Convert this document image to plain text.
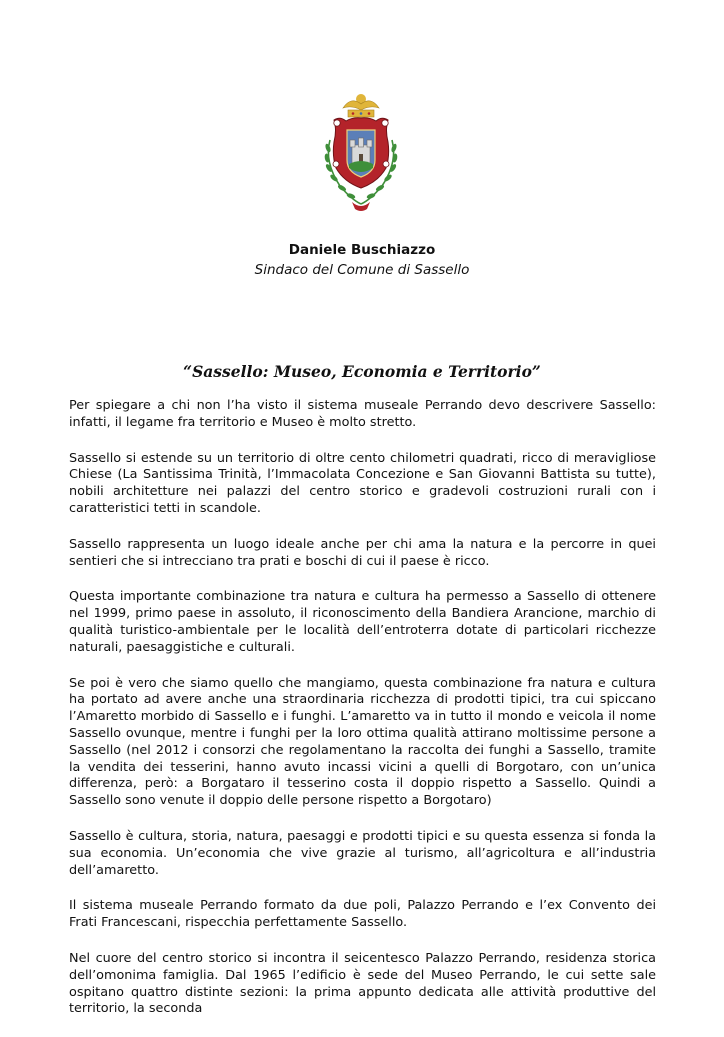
Daniele Buschiazzo
Sindaco del Comune di Sassello
“Sassello: Museo, Economia e Territorio”

Per spiegare a chi non l’ha visto il sistema museale Perrando devo descrivere Sassello: infatti, il legame fra territorio e Museo è molto stretto.

Sassello si estende su un territorio di oltre cento chilometri quadrati, ricco di meravigliose Chiese (La Santissima Trinità, l’Immacolata Concezione e San Giovanni Battista su tutte), nobili architetture nei palazzi del centro storico e gradevoli costruzioni rurali con i caratteristici tetti in scandole.

Sassello rappresenta un luogo ideale anche per chi ama la natura e la percorre in quei sentieri che si intrecciano tra prati e boschi di cui il paese è ricco.

Questa importante combinazione tra natura e cultura ha permesso a Sassello di ottenere nel 1999, primo paese in assoluto, il riconoscimento della Bandiera Arancione, marchio di qualità turistico-ambientale per le località dell’entroterra dotate di particolari ricchezze naturali, paesaggistiche e culturali.

Se poi è vero che siamo quello che mangiamo, questa combinazione fra natura e cultura ha portato ad avere anche una straordinaria ricchezza di prodotti tipici, tra cui spiccano l’Amaretto morbido di Sassello e i funghi. L’amaretto va in tutto il mondo e veicola il nome Sassello ovunque, mentre i funghi per la loro ottima qualità attirano moltissime persone a Sassello (nel 2012 i consorzi che regolamentano la raccolta dei funghi a Sassello, tramite la vendita dei tesserini, hanno avuto incassi vicini a quelli di Borgotaro, con un’unica differenza, però: a Borgataro il tesserino costa il doppio rispetto a Sassello. Quindi a Sassello sono venute il doppio delle persone rispetto a Borgotaro)

Sassello è cultura, storia, natura, paesaggi e prodotti tipici e su questa essenza si fonda la sua economia. Un’economia che vive grazie al turismo, all’agricoltura e all’industria dell’amaretto.

Il sistema museale Perrando formato da due poli, Palazzo Perrando e l’ex Convento dei Frati Francescani, rispecchia perfettamente Sassello.

Nel cuore del centro storico si incontra il seicentesco Palazzo Perrando, residenza storica dell’omonima famiglia. Dal 1965 l’edificio è sede del Museo Perrando, le cui sette sale ospitano quattro distinte sezioni: la prima appunto dedicata alle attività produttive del territorio, la seconda
